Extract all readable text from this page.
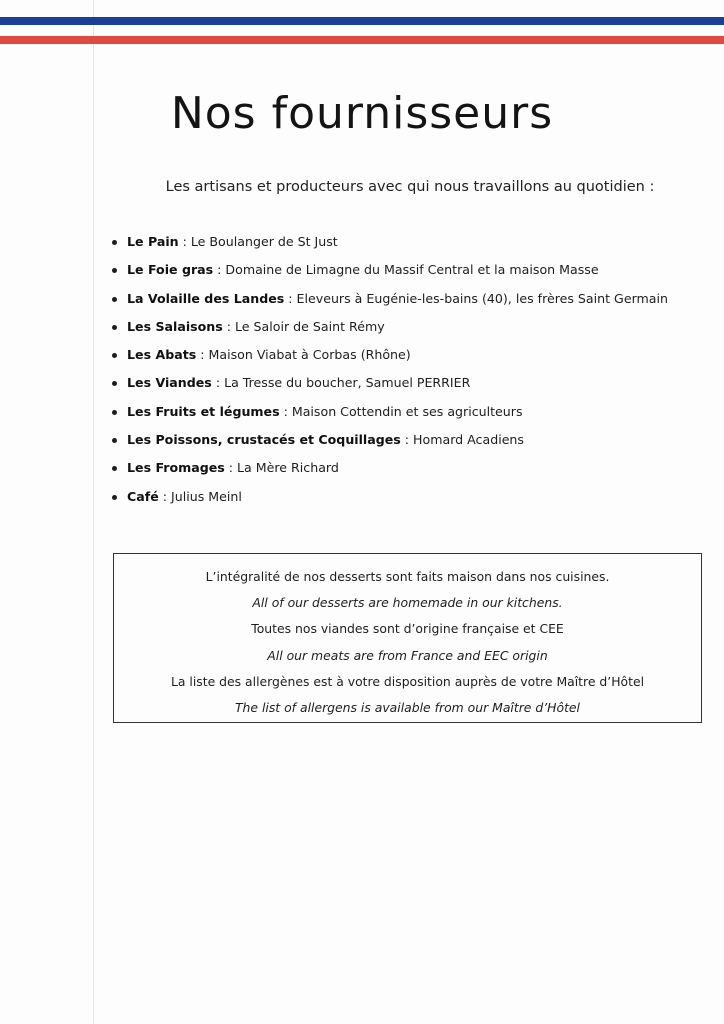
Nos fournisseurs
Les artisans et producteurs avec qui nous travaillons au quotidien :
Le Pain : Le Boulanger de St Just
Le Foie gras : Domaine de Limagne du Massif Central et la maison Masse
La Volaille des Landes : Eleveurs à Eugénie-les-bains (40), les frères Saint Germain
Les Salaisons : Le Saloir de Saint Rémy
Les Abats : Maison Viabat à Corbas (Rhône)
Les Viandes : La Tresse du boucher, Samuel PERRIER
Les Fruits et légumes : Maison Cottendin et ses agriculteurs
Les Poissons, crustacés et Coquillages : Homard Acadiens
Les Fromages : La Mère Richard
Café : Julius Meinl

L’intégralité de nos desserts sont faits maison dans nos cuisines.

All of our desserts are homemade in our kitchens.

Toutes nos viandes sont d’origine française et CEE

All our meats are from France and EEC origin

La liste des allergènes est à votre disposition auprès de votre Maître d’Hôtel

The list of allergens is available from our Maître d’Hôtel
